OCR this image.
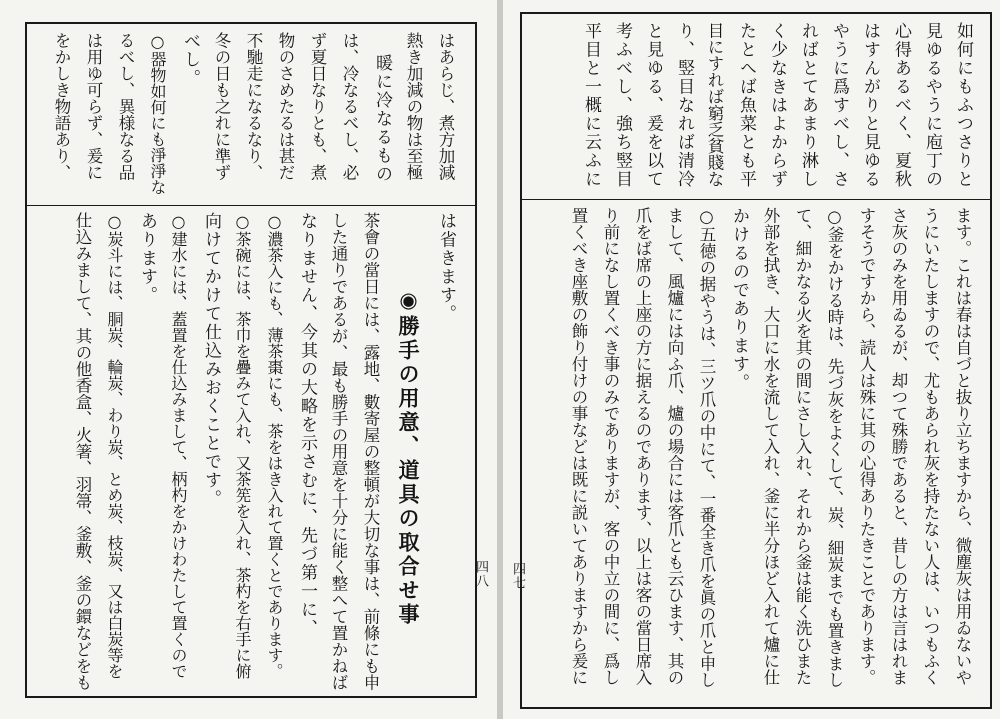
はあらじ、煮方加減
熱き加減の物は至極
暖に冷なるもの
は、冷なるべし、必
ず夏日なりとも、煮
物のさめたるは甚だ
不馳走になるなり、
冬の日も之れに準ず
べし。
○器物如何にも淨淨な
るべし、異様なる品
は用ゆ可らず、爰に
をかしき物語あり、
は省きます。
◉勝手の用意、道具の取合せ事
茶會の當日には、露地、數寄屋の整頓が大切な事は、前條にも申
した通りであるが、最も勝手の用意を十分に能く整へて置かねば
なりません、今其の大略を示さむに、先づ第一に、
○濃茶入にも、薄茶棗にも、茶をはき入れて置くとであります。
○茶碗には、茶巾を疊みて入れ、又茶筅を入れ、茶杓を右手に俯
向けてかけて仕込みおくことです。
○建水には、蓋置を仕込みまして、柄杓をかけわたして置くので
あります。
○炭斗には、胴炭、輪炭、わり炭、とめ炭、枝炭、又は白炭等を
仕込みまして、其の他香盒、火箸、羽箒、釜敷、釜の鐶などをも	四八
如何にもふつさりと
見ゆるやうに庖丁の
心得あるべく、夏秋
はすんがりと見ゆる
やうに爲すべし、さ
ればとてあまり淋し
く少なきはよからず
たとへば魚菜とも平
目にすれば窮乏貧賤な
り、竪目なれば清冷
と見ゆる、爰を以て
考ふべし、強ち竪目
平目と一概に云ふに
ます。これは春は自づと抜り立ちますから、微塵灰は用ゐないや
うにいたしますので、尤もあられ灰を持たない人は、いつもふく
さ灰のみを用ゐるが、却つて殊勝であると、昔しの方は言はれま
すそうですから、読人は殊に其の心得ありたきことであります。
○釜をかける時は、先づ灰をよくして、炭、細炭までも置きまし
て、細かなる火を其の間にさし入れ、それから釜は能く洗ひまた
外部を拭き、大口に水を流して入れ、釜に半分ほど入れて爐に仕
かけるのであります。
○五徳の据やうは、三ツ爪の中にて、一番全き爪を眞の爪と申し
まして、風爐には向ふ爪、爐の場合には客爪とも云ひます、其の
爪をば席の上座の方に据えるのであります、以上は客の當日席入
り前になし置くべき事のみでありますが、客の中立の間に、爲し
置くべき座敷の飾り付けの事などは既に説いてありますから爰に
四七
